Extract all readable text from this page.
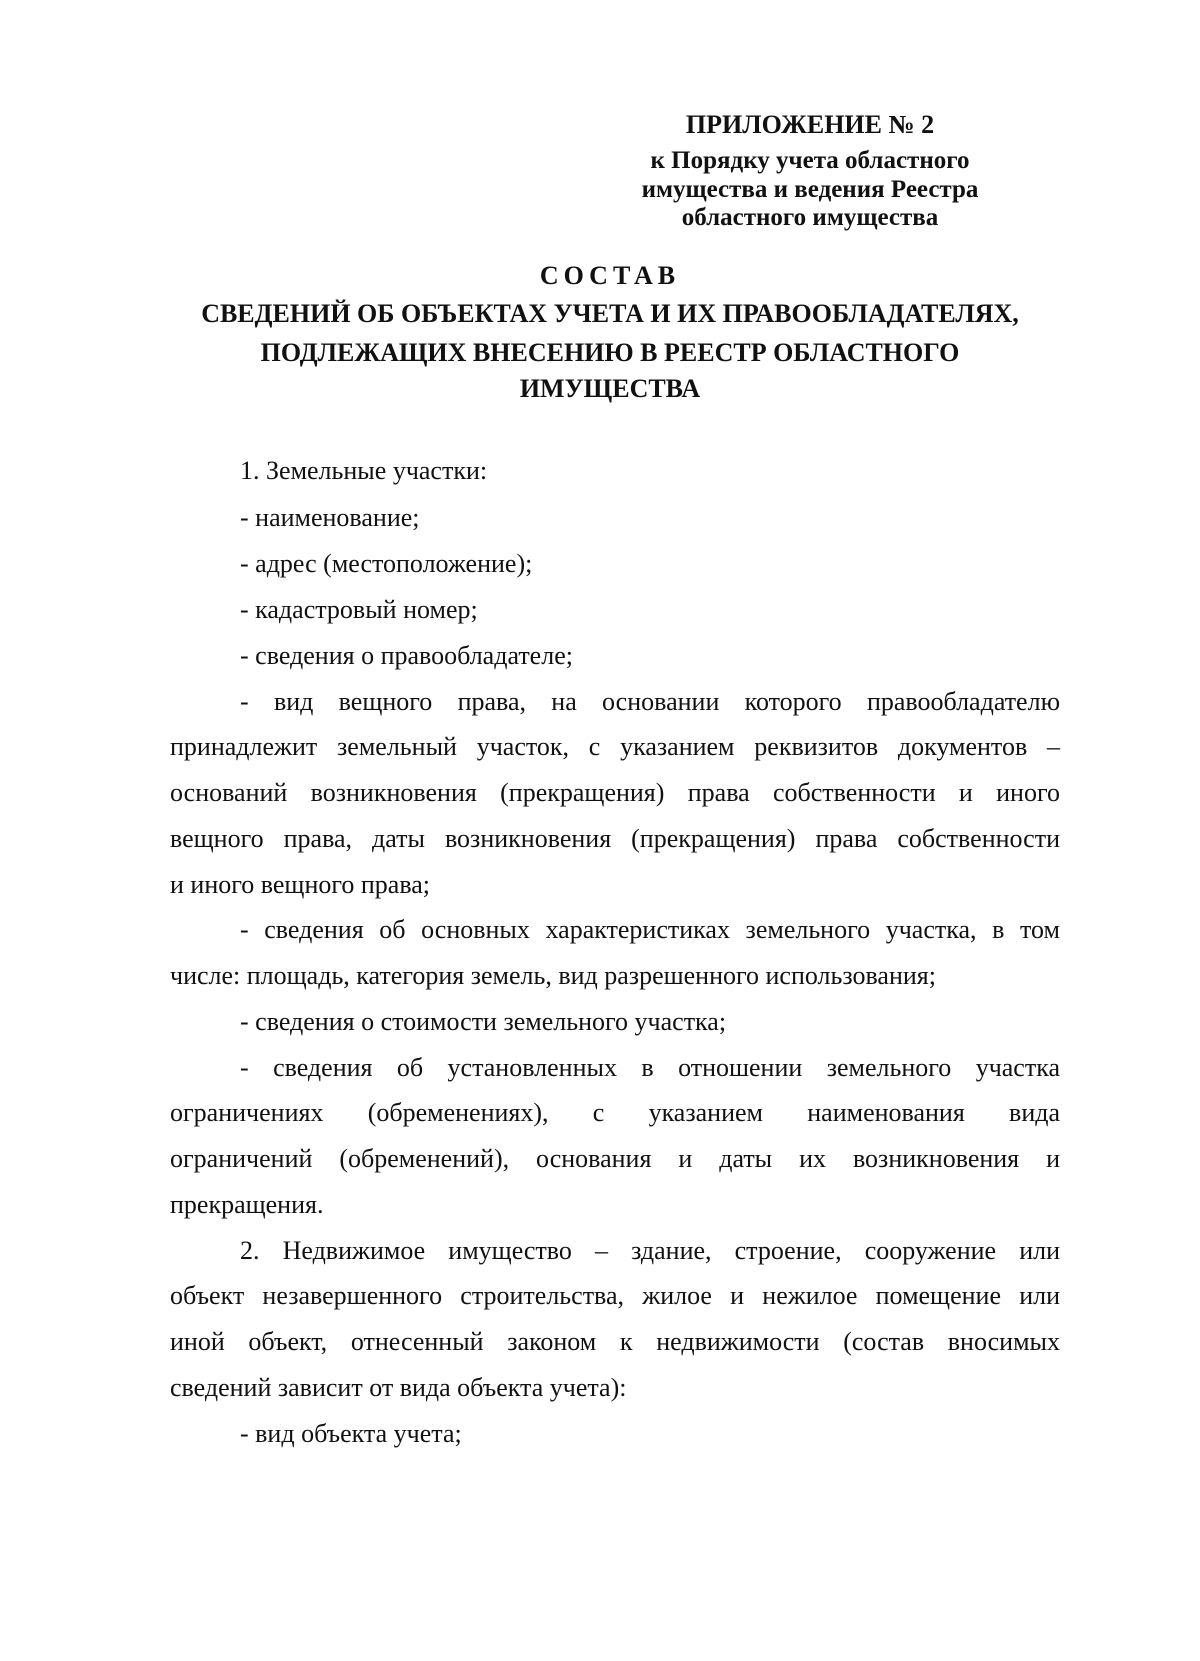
ПРИЛОЖЕНИЕ № 2
к Порядку учета областного
имущества и ведения Реестра
областного имущества
СОСТАВ
СВЕДЕНИЙ ОБ ОБЪЕКТАХ УЧЕТА И ИХ ПРАВООБЛАДАТЕЛЯХ,
ПОДЛЕЖАЩИХ ВНЕСЕНИЮ В РЕЕСТР ОБЛАСТНОГО
ИМУЩЕСТВА
1. Земельные участки:
- наименование;
- адрес (местоположение);
- кадастровый номер;
- сведения о правообладателе;
- вид вещного права, на основании которого правообладателю
принадлежит земельный участок, с указанием реквизитов документов –
оснований возникновения (прекращения) права собственности и иного
вещного права, даты возникновения (прекращения) права собственности
и иного вещного права;
- сведения об основных характеристиках земельного участка, в том
числе: площадь, категория земель, вид разрешенного использования;
- сведения о стоимости земельного участка;
- сведения об установленных в отношении земельного участка
ограничениях (обременениях), с указанием наименования вида
ограничений (обременений), основания и даты их возникновения и
прекращения.
2. Недвижимое имущество – здание, строение, сооружение или
объект незавершенного строительства, жилое и нежилое помещение или
иной объект, отнесенный законом к недвижимости (состав вносимых
сведений зависит от вида объекта учета):
- вид объекта учета;
